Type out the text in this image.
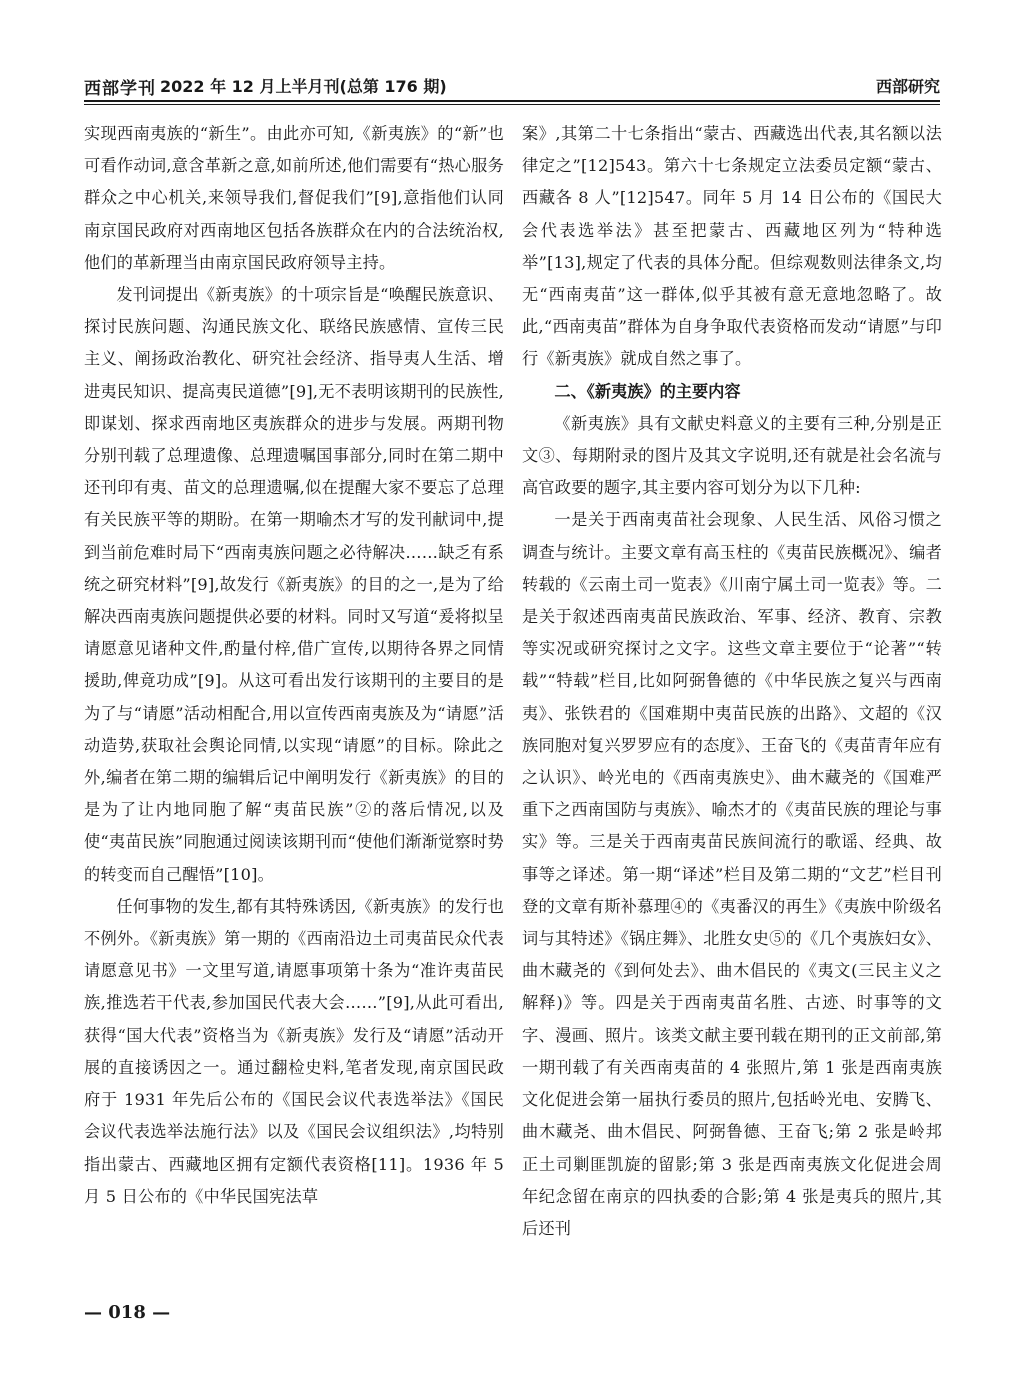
西部学刊 2022 年 12 月上半月刊(总第 176 期)	西部研究

实现西南夷族的“新生”。由此亦可知,《新夷族》的“新”也可看作动词,意含革新之意,如前所述,他们需要有“热心服务群众之中心机关,来领导我们,督促我们”[9],意指他们认同南京国民政府对西南地区包括各族群众在内的合法统治权,他们的革新理当由南京国民政府领导主持。

发刊词提出《新夷族》的十项宗旨是“唤醒民族意识、探讨民族问题、沟通民族文化、联络民族感情、宣传三民主义、阐扬政治教化、研究社会经济、指导夷人生活、增进夷民知识、提高夷民道德”[9],无不表明该期刊的民族性,即谋划、探求西南地区夷族群众的进步与发展。两期刊物分别刊载了总理遗像、总理遗嘱国事部分,同时在第二期中还刊印有夷、苗文的总理遗嘱,似在提醒大家不要忘了总理有关民族平等的期盼。在第一期喻杰才写的发刊献词中,提到当前危难时局下“西南夷族问题之必待解决……缺乏有系统之研究材料”[9],故发行《新夷族》的目的之一,是为了给解决西南夷族问题提供必要的材料。同时又写道“爰将拟呈请愿意见诸种文件,酌量付梓,借广宣传,以期待各界之同情援助,俾竟功成”[9]。从这可看出发行该期刊的主要目的是为了与“请愿”活动相配合,用以宣传西南夷族及为“请愿”活动造势,获取社会舆论同情,以实现“请愿”的目标。除此之外,编者在第二期的编辑后记中阐明发行《新夷族》的目的是为了让内地同胞了解“夷苗民族”②的落后情况,以及使“夷苗民族”同胞通过阅读该期刊而“使他们渐渐觉察时势的转变而自己醒悟”[10]。

任何事物的发生,都有其特殊诱因,《新夷族》的发行也不例外。《新夷族》第一期的《西南沿边土司夷苗民众代表请愿意见书》一文里写道,请愿事项第十条为“准许夷苗民族,推选若干代表,参加国民代表大会……”[9],从此可看出,获得“国大代表”资格当为《新夷族》发行及“请愿”活动开展的直接诱因之一。通过翻检史料,笔者发现,南京国民政府于 1931 年先后公布的《国民会议代表选举法》《国民会议代表选举法施行法》以及《国民会议组织法》,均特别指出蒙古、西藏地区拥有定额代表资格[11]。1936 年 5 月 5 日公布的《中华民国宪法草

案》,其第二十七条指出“蒙古、西藏选出代表,其名额以法律定之”[12]543。第六十七条规定立法委员定额“蒙古、西藏各 8 人”[12]547。同年 5 月 14 日公布的《国民大会代表选举法》甚至把蒙古、西藏地区列为“特种选举”[13],规定了代表的具体分配。但综观数则法律条文,均无“西南夷苗”这一群体,似乎其被有意无意地忽略了。故此,“西南夷苗”群体为自身争取代表资格而发动“请愿”与印行《新夷族》就成自然之事了。

二、《新夷族》的主要内容

《新夷族》具有文献史料意义的主要有三种,分别是正文③、每期附录的图片及其文字说明,还有就是社会名流与高官政要的题字,其主要内容可划分为以下几种:

一是关于西南夷苗社会现象、人民生活、风俗习惯之调查与统计。主要文章有高玉柱的《夷苗民族概况》、编者转载的《云南土司一览表》《川南宁属土司一览表》等。二是关于叙述西南夷苗民族政治、军事、经济、教育、宗教等实况或研究探讨之文字。这些文章主要位于“论著”“转载”“特载”栏目,比如阿弼鲁德的《中华民族之复兴与西南夷》、张铁君的《国难期中夷苗民族的出路》、文超的《汉族同胞对复兴罗罗应有的态度》、王奋飞的《夷苗青年应有之认识》、岭光电的《西南夷族史》、曲木藏尧的《国难严重下之西南国防与夷族》、喻杰才的《夷苗民族的理论与事实》等。三是关于西南夷苗民族间流行的歌谣、经典、故事等之译述。第一期“译述”栏目及第二期的“文艺”栏目刊登的文章有斯补慕理④的《夷番汉的再生》《夷族中阶级名词与其特述》《锅庄舞》、北胜女史⑤的《几个夷族妇女》、曲木藏尧的《到何处去》、曲木倡民的《夷文(三民主义之解释)》等。四是关于西南夷苗名胜、古迹、时事等的文字、漫画、照片。该类文献主要刊载在期刊的正文前部,第一期刊载了有关西南夷苗的 4 张照片,第 1 张是西南夷族文化促进会第一届执行委员的照片,包括岭光电、安腾飞、曲木藏尧、曲木倡民、阿弼鲁德、王奋飞;第 2 张是岭邦正土司剿匪凯旋的留影;第 3 张是西南夷族文化促进会周年纪念留在南京的四执委的合影;第 4 张是夷兵的照片,其后还刊

— 018 —
